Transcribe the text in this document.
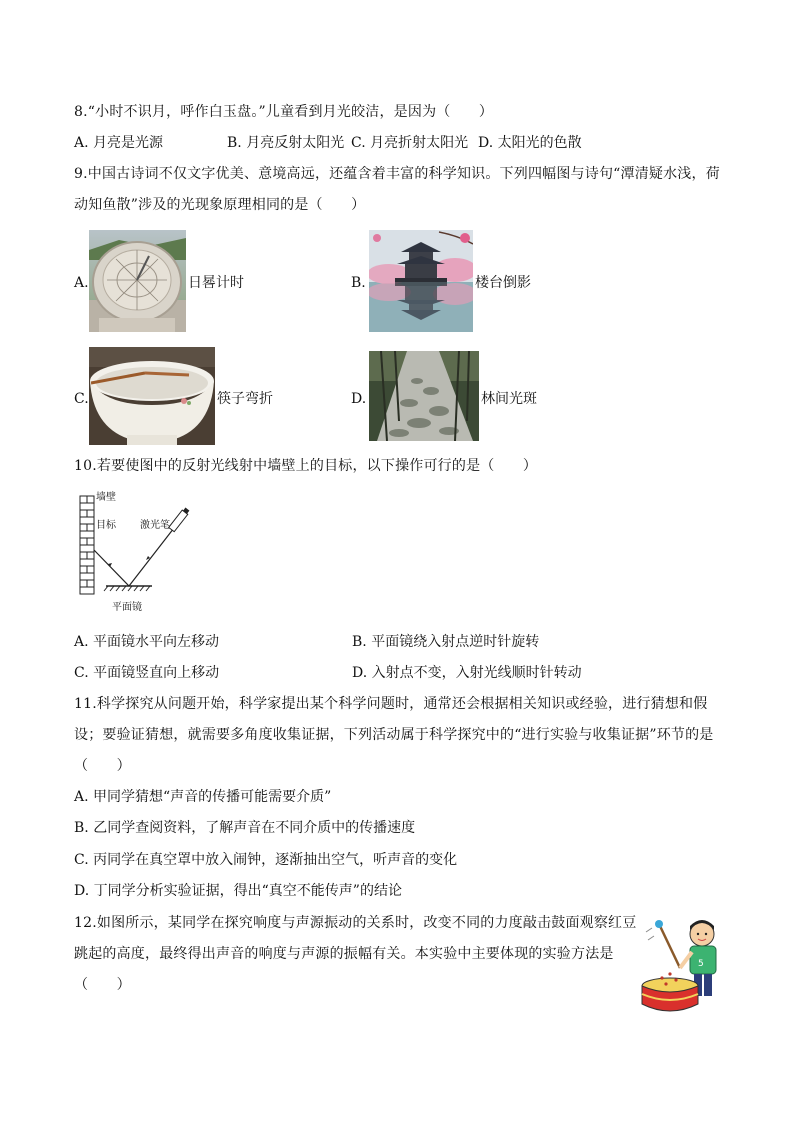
8.“小时不识月，呼作白玉盘。”儿童看到月光皎洁，是因为（　　）
A. 月亮是光源	B. 月亮反射太阳光 C. 月亮折射太阳光 D. 太阳光的色散
9.中国古诗词不仅文字优美、意境高远，还蕴含着丰富的科学知识。下列四幅图与诗句“潭清疑水浅，荷
动知鱼散”涉及的光现象原理相同的是（　　）
A.	日晷计时	B.	楼台倒影
C.	筷子弯折	D.	林间光斑
10.若要使图中的反射光线射中墙壁上的目标，以下操作可行的是（　　）
墙壁
目标 激光笔
平面镜
A. 平面镜水平向左移动	B. 平面镜绕入射点逆时针旋转
C. 平面镜竖直向上移动	D. 入射点不变，入射光线顺时针转动
11.科学探究从问题开始，科学家提出某个科学问题时，通常还会根据相关知识或经验，进行猜想和假
设；要验证猜想，就需要多角度收集证据，下列活动属于科学探究中的“进行实验与收集证据”环节的是
（　　）
A. 甲同学猜想“声音的传播可能需要介质”
B. 乙同学查阅资料，了解声音在不同介质中的传播速度
C. 丙同学在真空罩中放入闹钟，逐渐抽出空气，听声音的变化
D. 丁同学分析实验证据，得出“真空不能传声”的结论
12.如图所示，某同学在探究响度与声源振动的关系时，改变不同的力度敲击鼓面观察红豆
跳起的高度，最终得出声音的响度与声源的振幅有关。本实验中主要体现的实验方法是
（　　）
5
